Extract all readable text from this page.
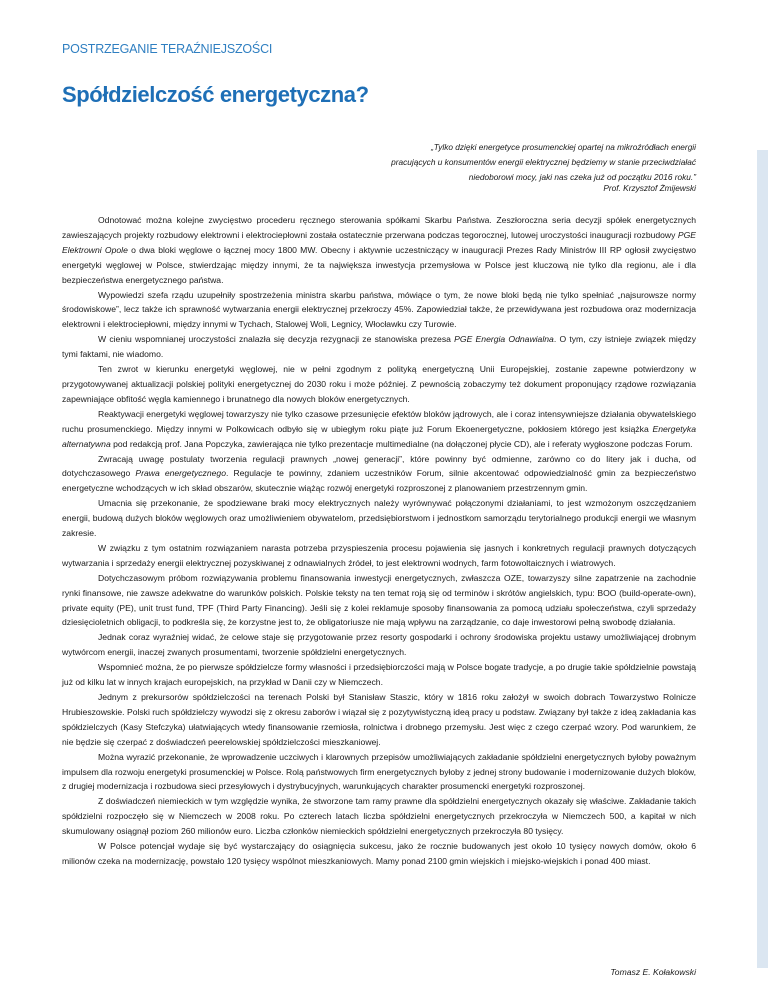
POSTRZEGANIE TERAŹNIEJSZOŚCI
Spółdzielczość energetyczna?
„Tylko dzięki energetyce prosumenckiej opartej na mikroźródłach energii
pracujących u konsumentów energii elektrycznej będziemy w stanie przeciwdziałać
niedoborowi mocy, jaki nas czeka już od początku 2016 roku.”
Prof. Krzysztof Żmijewski

Odnotować można kolejne zwycięstwo procederu ręcznego sterowania spółkami Skarbu Państwa. Zeszłoroczna seria decyzji spółek energetycznych zawieszających projekty rozbudowy elektrowni i elektrociepłowni została ostatecznie przerwana podczas tegorocznej, lutowej uroczystości inauguracji rozbudowy PGE Elektrowni Opole o dwa bloki węglowe o łącznej mocy 1800 MW. Obecny i aktywnie uczestniczący w inauguracji Prezes Rady Ministrów III RP ogłosił zwycięstwo energetyki węglowej w Polsce, stwierdzając między innymi, że ta największa inwestycja przemysłowa w Polsce jest kluczową nie tylko dla regionu, ale i dla bezpieczeństwa energetycznego państwa.

Wypowiedzi szefa rządu uzupełniły spostrzeżenia ministra skarbu państwa, mówiące o tym, że nowe bloki będą nie tylko spełniać „najsurowsze normy środowiskowe”, lecz także ich sprawność wytwarzania energii elektrycznej przekroczy 45%. Zapowiedział także, że przewidywana jest rozbudowa oraz modernizacja elektrowni i elektrociepłowni, między innymi w Tychach, Stalowej Woli, Legnicy, Włocławku czy Turowie.

W cieniu wspomnianej uroczystości znalazła się decyzja rezygnacji ze stanowiska prezesa PGE Energia Odnawialna. O tym, czy istnieje związek między tymi faktami, nie wiadomo.

Ten zwrot w kierunku energetyki węglowej, nie w pełni zgodnym z polityką energetyczną Unii Europejskiej, zostanie zapewne potwierdzony w przygotowywanej aktualizacji polskiej polityki energetycznej do 2030 roku i może później. Z pewnością zobaczymy też dokument proponujący rządowe rozwiązania zapewniające obfitość węgla kamiennego i brunatnego dla nowych bloków energetycznych.

Reaktywacji energetyki węglowej towarzyszy nie tylko czasowe przesunięcie efektów bloków jądrowych, ale i coraz intensywniejsze działania obywatelskiego ruchu prosumenckiego. Między innymi w Polkowicach odbyło się w ubiegłym roku piąte już Forum Ekoenergetyczne, pokłosiem którego jest książka Energetyka alternatywna pod redakcją prof. Jana Popczyka, zawierająca nie tylko prezentacje multimedialne (na dołączonej płycie CD), ale i referaty wygłoszone podczas Forum.

Zwracają uwagę postulaty tworzenia regulacji prawnych „nowej generacji”, które powinny być odmienne, zarówno co do litery jak i ducha, od dotychczasowego Prawa energetycznego. Regulacje te powinny, zdaniem uczestników Forum, silnie akcentować odpowiedzialność gmin za bezpieczeństwo energetyczne wchodzących w ich skład obszarów, skutecznie wiążąc rozwój energetyki rozproszonej z planowaniem przestrzennym gmin.

Umacnia się przekonanie, że spodziewane braki mocy elektrycznych należy wyrównywać połączonymi działaniami, to jest wzmożonym oszczędzaniem energii, budową dużych bloków węglowych oraz umożliwieniem obywatelom, przedsiębiorstwom i jednostkom samorządu terytorialnego produkcji energii we własnym zakresie.

W związku z tym ostatnim rozwiązaniem narasta potrzeba przyspieszenia procesu pojawienia się jasnych i konkretnych regulacji prawnych dotyczących wytwarzania i sprzedaży energii elektrycznej pozyskiwanej z odnawialnych źródeł, to jest elektrowni wodnych, farm fotowoltaicznych i wiatrowych.

Dotychczasowym próbom rozwiązywania problemu finansowania inwestycji energetycznych, zwłaszcza OZE, towarzyszy silne zapatrzenie na zachodnie rynki finansowe, nie zawsze adekwatne do warunków polskich. Polskie teksty na ten temat roją się od terminów i skrótów angielskich, typu: BOO (build-operate-own), private equity (PE), unit trust fund, TPF (Third Party Financing). Jeśli się z kolei reklamuje sposoby finansowania za pomocą udziału społeczeństwa, czyli sprzedaży dziesięcioletnich obligacji, to podkreśla się, że korzystne jest to, że obligatoriusze nie mają wpływu na zarządzanie, co daje inwestorowi pełną swobodę działania.

Jednak coraz wyraźniej widać, że celowe staje się przygotowanie przez resorty gospodarki i ochrony środowiska projektu ustawy umożliwiającej drobnym wytwórcom energii, inaczej zwanych prosumentami, tworzenie spółdzielni energetycznych.

Wspomnieć można, że po pierwsze spółdzielcze formy własności i przedsiębiorczości mają w Polsce bogate tradycje, a po drugie takie spółdzielnie powstają już od kilku lat w innych krajach europejskich, na przykład w Danii czy w Niemczech.

Jednym z prekursorów spółdzielczości na terenach Polski był Stanisław Staszic, który w 1816 roku założył w swoich dobrach Towarzystwo Rolnicze Hrubieszowskie. Polski ruch spółdzielczy wywodzi się z okresu zaborów i wiązał się z pozytywistyczną ideą pracy u podstaw. Związany był także z ideą zakładania kas spółdzielczych (Kasy Stefczyka) ułatwiających wtedy finansowanie rzemiosła, rolnictwa i drobnego przemysłu. Jest więc z czego czerpać wzory. Pod warunkiem, że nie będzie się czerpać z doświadczeń peerelowskiej spółdzielczości mieszkaniowej.

Można wyrazić przekonanie, że wprowadzenie uczciwych i klarownych przepisów umożliwiających zakładanie spółdzielni energetycznych byłoby poważnym impulsem dla rozwoju energetyki prosumenckiej w Polsce. Rolą państwowych firm energetycznych byłoby z jednej strony budowanie i modernizowanie dużych bloków, z drugiej modernizacja i rozbudowa sieci przesyłowych i dystrybucyjnych, warunkujących charakter prosumencki energetyki rozproszonej.

Z doświadczeń niemieckich w tym względzie wynika, że stworzone tam ramy prawne dla spółdzielni energetycznych okazały się właściwe. Zakładanie takich spółdzielni rozpoczęło się w Niemczech w 2008 roku. Po czterech latach liczba spółdzielni energetycznych przekroczyła w Niemczech 500, a kapitał w nich skumulowany osiągnął poziom 260 milionów euro. Liczba członków niemieckich spółdzielni energetycznych przekroczyła 80 tysięcy.

W Polsce potencjał wydaje się być wystarczający do osiągnięcia sukcesu, jako że rocznie budowanych jest około 10 tysięcy nowych domów, około 6 milionów czeka na modernizację, powstało 120 tysięcy wspólnot mieszkaniowych. Mamy ponad 2100 gmin wiejskich i miejsko-wiejskich i ponad 400 miast.

Tomasz E. Kołakowski
